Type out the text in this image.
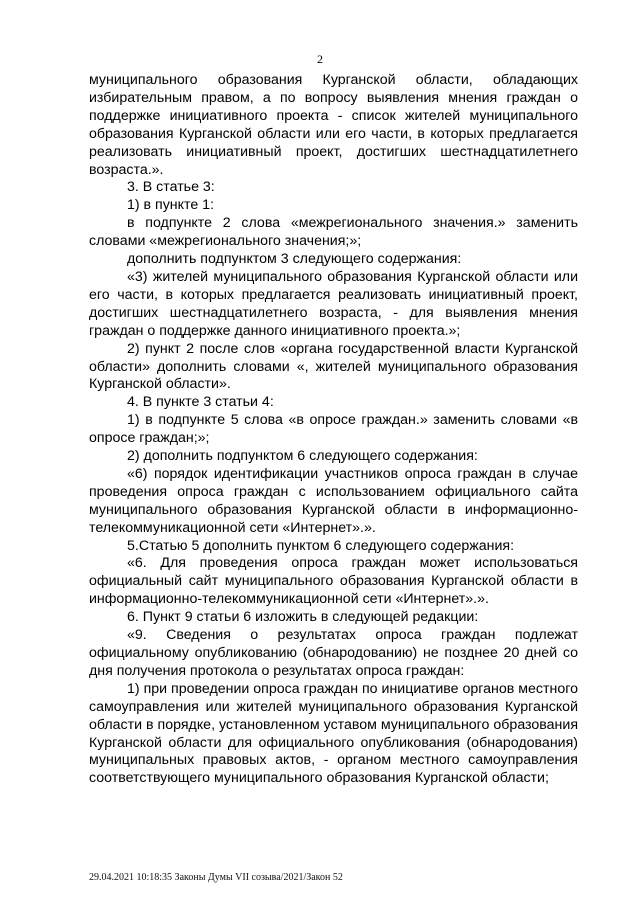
2

муниципального образования Курганской области, обладающих избирательным правом, а по вопросу выявления мнения граждан о поддержке инициативного проекта - список жителей муниципального образования Курганской области или его части, в которых предлагается реализовать инициативный проект, достигших шестнадцатилетнего возраста.».

3. В статье 3:

1) в пункте 1:

в подпункте 2 слова «межрегионального значения.» заменить словами «межрегионального значения;»;

дополнить подпунктом 3 следующего содержания:

«3) жителей муниципального образования Курганской области или его части, в которых предлагается реализовать инициативный проект, достигших шестнадцатилетнего возраста, - для выявления мнения граждан о поддержке данного инициативного проекта.»;

2) пункт 2 после слов «органа государственной власти Курганской области» дополнить словами «, жителей муниципального образования Курганской области».

4. В пункте 3 статьи 4:

1) в подпункте 5 слова «в опросе граждан.» заменить словами «в опросе граждан;»;

2) дополнить подпунктом 6 следующего содержания:

«6) порядок идентификации участников опроса граждан в случае проведения опроса граждан с использованием официального сайта муниципального образования Курганской области в информационно-телекоммуникационной сети «Интернет».».

5.Статью 5 дополнить пунктом 6 следующего содержания:

«6. Для проведения опроса граждан может использоваться официальный сайт муниципального образования Курганской области в информационно-телекоммуникационной сети «Интернет».».

6. Пункт 9 статьи 6 изложить в следующей редакции:

«9. Сведения о результатах опроса граждан подлежат официальному опубликованию (обнародованию) не позднее 20 дней со дня получения протокола о результатах опроса граждан:

1) при проведении опроса граждан по инициативе органов местного самоуправления или жителей муниципального образования Курганской области в порядке, установленном уставом муниципального образования Курганской области для официального опубликования (обнародования) муниципальных правовых актов, - органом местного самоуправления соответствующего муниципального образования Курганской области;

29.04.2021 10:18:35 Законы Думы VII созыва/2021/Закон 52
